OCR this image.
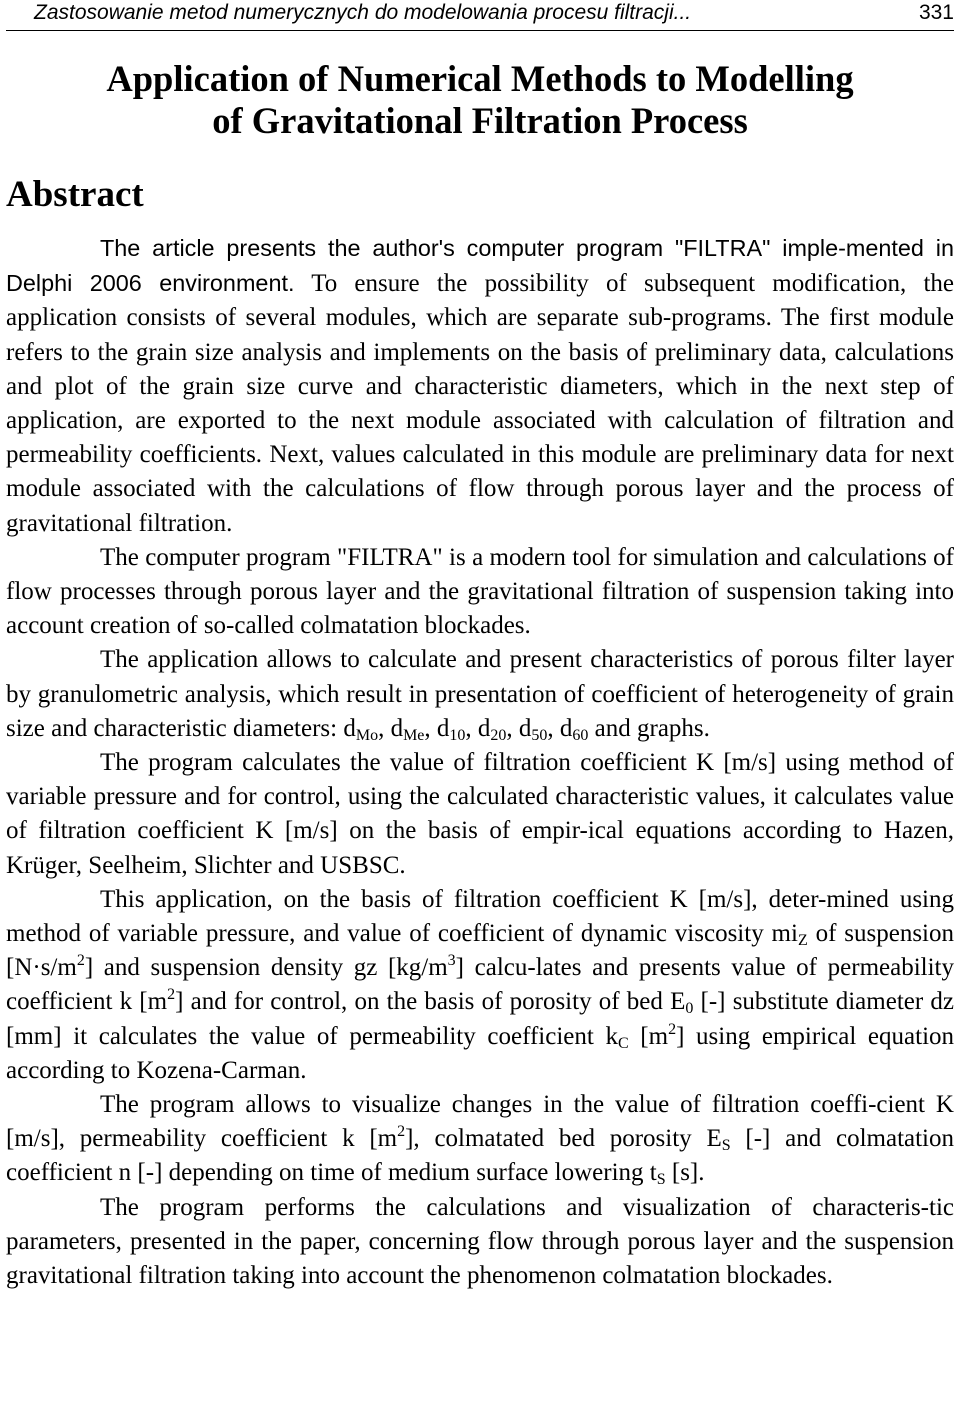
Zastosowanie metod numerycznych do modelowania procesu filtracji...	331
Application of Numerical Methods to Modelling
of Gravitational Filtration Process
Abstract

The article presents the author's computer program "FILTRA" imple-mented in Delphi 2006 environment. To ensure the possibility of subsequent modification, the application consists of several modules, which are separate sub-programs. The first module refers to the grain size analysis and implements on the basis of preliminary data, calculations and plot of the grain size curve and characteristic diameters, which in the next step of application, are exported to the next module associated with calculation of filtration and permeability coefficients. Next, values calculated in this module are preliminary data for next module associated with the calculations of flow through porous layer and the process of gravitational filtration.

The computer program "FILTRA" is a modern tool for simulation and calculations of flow processes through porous layer and the gravitational filtration of suspension taking into account creation of so-called colmatation blockades.

The application allows to calculate and present characteristics of porous filter layer by granulometric analysis, which result in presentation of coefficient of heterogeneity of grain size and characteristic diameters: $d_{Mo}$, $d_{Me}$, $d_{10}$, $d_{20}$, $d_{50}$, $d_{60}$ and graphs.

The program calculates the value of filtration coefficient K [m/s] using method of variable pressure and for control, using the calculated characteristic values, it calculates value of filtration coefficient K [m/s] on the basis of empir-ical equations according to Hazen, Krüger, Seelheim, Slichter and USBSC.

This application, on the basis of filtration coefficient K [m/s], deter-mined using method of variable pressure, and value of coefficient of dynamic viscosity $mi_Z$ of suspension $[N\cdot s/m^2]$ and suspension density gz $[kg/m^3]$ calcu-lates and presents value of permeability coefficient k $[m^2]$ and for control, on the basis of porosity of bed $E_0$ [-] substitute diameter dz [mm] it calculates the value of permeability coefficient $k_C$ $[m^2]$ using empirical equation according to Kozena-Carman.

The program allows to visualize changes in the value of filtration coeffi-cient K [m/s], permeability coefficient k $[m^2]$, colmatated bed porosity $E_S$ [-] and colmatation coefficient n [-] depending on time of medium surface lowering $t_S$ [s].

The program performs the calculations and visualization of characteris-tic parameters, presented in the paper, concerning flow through porous layer and the suspension gravitational filtration taking into account the phenomenon colmatation blockades.
